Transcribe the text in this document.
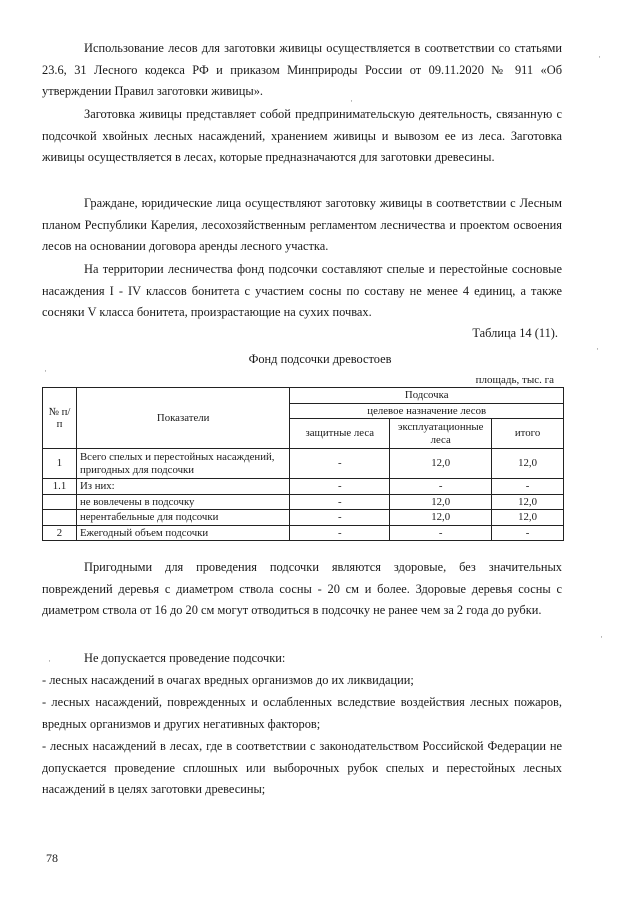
Использование лесов для заготовки живицы осуществляется в соответствии со статьями 23.6, 31 Лесного кодекса РФ и приказом Минприроды России от 09.11.2020 № 911 «Об утверждении Правил заготовки живицы».

Заготовка живицы представляет собой предпринимательскую деятельность, связанную с подсочкой хвойных лесных насаждений, хранением живицы и вывозом ее из леса. Заготовка живицы осуществляется в лесах, которые предназначаются для заготовки древесины.

Граждане, юридические лица осуществляют заготовку живицы в соответствии с Лесным планом Республики Карелия, лесохозяйственным регламентом лесничества и проектом освоения лесов на основании договора аренды лесного участка.

На территории лесничества фонд подсочки составляют спелые и перестойные сосновые насаждения I - IV классов бонитета с участием сосны по составу не менее 4 единиц, а также сосняки V класса бонитета, произрастающие на сухих почвах.

Таблица 14 (11).
Фонд подсочки древостоев
площадь, тыс. га
№ п/п	Показатели	Подсочка		
		целевое назначение лесов		
		защитные леса	эксплуатационные леса	итого
1	Всего спелых и перестойных насаждений, пригодных для подсочки	-	12,0	12,0
1.1	Из них:	-	-	-
	не вовлечены в подсочку	-	12,0	12,0
	нерентабельные для подсочки	-	12,0	12,0
2	Ежегодный объем подсочки	-	-	-

Пригодными для проведения подсочки являются здоровые, без значительных повреждений деревья с диаметром ствола сосны - 20 см и более. Здоровые деревья сосны с диаметром ствола от 16 до 20 см могут отводиться в подсочку не ранее чем за 2 года до рубки.

Не допускается проведение подсочки:

- лесных насаждений в очагах вредных организмов до их ликвидации;

- лесных насаждений, поврежденных и ослабленных вследствие воздействия лесных пожаров, вредных организмов и других негативных факторов;

- лесных насаждений в лесах, где в соответствии с законодательством Российской Федерации не допускается проведение сплошных или выборочных рубок спелых и перестойных лесных насаждений в целях заготовки древесины;

78
·
·
·
·
·
·
